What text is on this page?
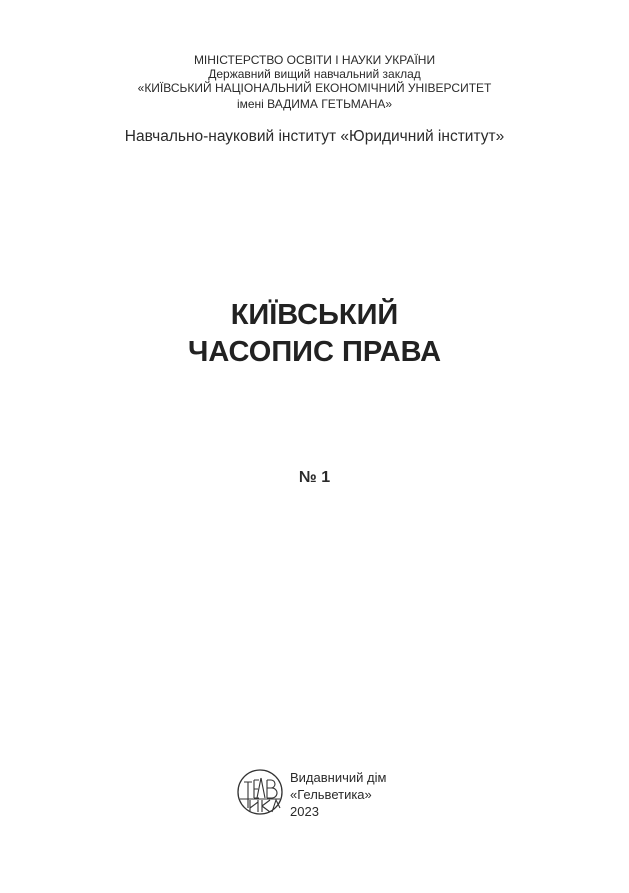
МІНІСТЕРСТВО ОСВІТИ І НАУКИ УКРАЇНИ
Державний вищий навчальний заклад
«КИЇВСЬКИЙ НАЦІОНАЛЬНИЙ ЕКОНОМІЧНИЙ УНІВЕРСИТЕТ
імені ВАДИМА ГЕТЬМАНА»
Навчально-науковий інститут «Юридичний інститут»
КИЇВСЬКИЙ
ЧАСОПИС ПРАВА
№ 1
Видавничий дім
«Гельветика»
2023
